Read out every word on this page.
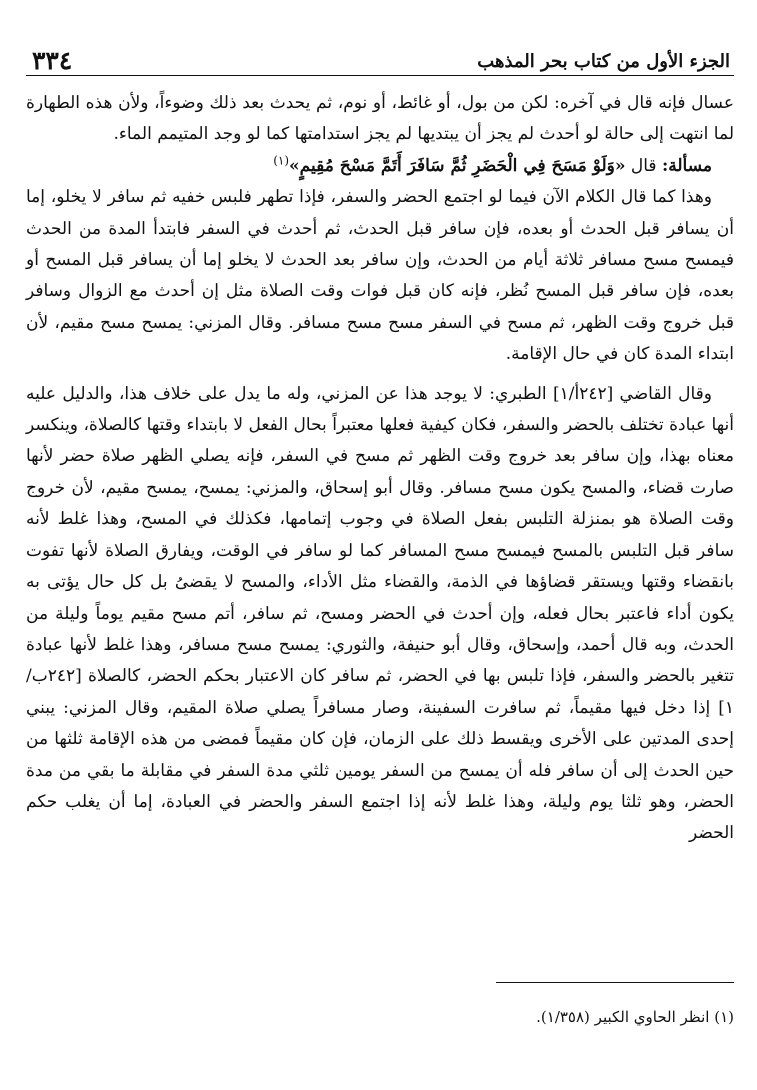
الجزء الأول من كتاب بحر المذهب
٣٣٤

عسال فإنه قال في آخره: لكن من بول، أو غائط، أو نوم، ثم يحدث بعد ذلك وضوءاً، ولأن هذه الطهارة لما انتهت إلى حالة لو أحدث لم يجز أن يبتديها لم يجز استدامتها كما لو وجد المتيمم الماء.

مسألة: قال «وَلَوْ مَسَحَ فِي الْحَضَرِ ثُمَّ سَافَرَ أَتَمَّ مَسْحَ مُقِيمٍ»$^{(١)}$

وهذا كما قال الكلام الآن فيما لو اجتمع الحضر والسفر، فإذا تطهر فلبس خفيه ثم سافر لا يخلو، إما أن يسافر قبل الحدث أو بعده، فإن سافر قبل الحدث، ثم أحدث في السفر فابتدأ المدة من الحدث فيمسح مسح مسافر ثلاثة أيام من الحدث، وإن سافر بعد الحدث لا يخلو إما أن يسافر قبل المسح أو بعده، فإن سافر قبل المسح نُظر، فإنه كان قبل فوات وقت الصلاة مثل إن أحدث مع الزوال وسافر قبل خروج وقت الظهر، ثم مسح في السفر مسح مسح مسافر. وقال المزني: يمسح مسح مقيم، لأن ابتداء المدة كان في حال الإقامة.

وقال القاضي [٢٤٢أ/١] الطبري: لا يوجد هذا عن المزني، وله ما يدل على خلاف هذا، والدليل عليه أنها عبادة تختلف بالحضر والسفر، فكان كيفية فعلها معتبراً بحال الفعل لا بابتداء وقتها كالصلاة، وينكسر معناه بهذا، وإن سافر بعد خروج وقت الظهر ثم مسح في السفر، فإنه يصلي الظهر صلاة حضر لأنها صارت قضاء، والمسح يكون مسح مسافر. وقال أبو إسحاق، والمزني: يمسح، يمسح مقيم، لأن خروج وقت الصلاة هو بمنزلة التلبس بفعل الصلاة في وجوب إتمامها، فكذلك في المسح، وهذا غلط لأنه سافر قبل التلبس بالمسح فيمسح مسح المسافر كما لو سافر في الوقت، ويفارق الصلاة لأنها تفوت بانقضاء وقتها ويستقر قضاؤها في الذمة، والقضاء مثل الأداء، والمسح لا يقضىُ بل كل حال يؤتى به يكون أداء فاعتبر بحال فعله، وإن أحدث في الحضر ومسح، ثم سافر، أتم مسح مقيم يوماً وليلة من الحدث، وبه قال أحمد، وإسحاق، وقال أبو حنيفة، والثوري: يمسح مسح مسافر، وهذا غلط لأنها عبادة تتغير بالحضر والسفر، فإذا تلبس بها في الحضر، ثم سافر كان الاعتبار بحكم الحضر، كالصلاة [٢٤٢ب/١] إذا دخل فيها مقيماً، ثم سافرت السفينة، وصار مسافراً يصلي صلاة المقيم، وقال المزني: يبني إحدى المدتين على الأخرى ويقسط ذلك على الزمان، فإن كان مقيماً فمضى من هذه الإقامة ثلثها من حين الحدث إلى أن سافر فله أن يمسح من السفر يومين ثلثي مدة السفر في مقابلة ما بقي من مدة الحضر، وهو ثلثا يوم وليلة، وهذا غلط لأنه إذا اجتمع السفر والحضر في العبادة، إما أن يغلب حكم الحضر

(١) انظر الحاوي الكبير (١/٣٥٨).
